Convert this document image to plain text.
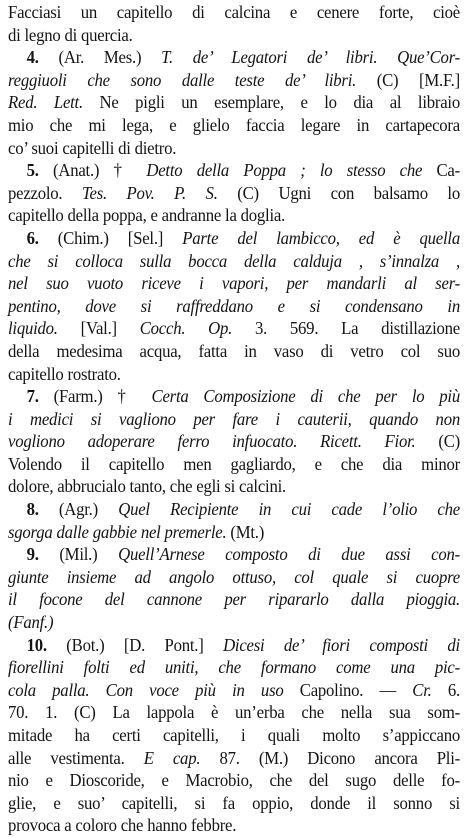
Facciasi un capitello di calcina e cenere forte, cioè
di legno di quercia.
4. (Ar. Mes.) T. de’ Legatori de’ libri. Que’Cor-
reggiuoli che sono dalle teste de’ libri. (C) [M.F.]
Red. Lett. Ne pigli un esemplare, e lo dia al libraio
mio che mi lega, e glielo faccia legare in cartapecora
co’ suoi capitelli di dietro.
5. (Anat.) † Detto della Poppa ; lo stesso che Ca-
pezzolo. Tes. Pov. P. S. (C) Ugni con balsamo lo
capitello della poppa, e andranne la doglia.
6. (Chim.) [Sel.] Parte del lambicco, ed è quella
che si colloca sulla bocca della calduja , s’innalza ,
nel suo vuoto riceve i vapori, per mandarli al ser-
pentino, dove si raffreddano e si condensano in
liquido. [Val.] Cocch. Op. 3. 569. La distillazione
della medesima acqua, fatta in vaso di vetro col suo
capitello rostrato.
7. (Farm.) † Certa Composizione di che per lo più
i medici si vagliono per fare i cauterii, quando non
vogliono adoperare ferro infuocato. Ricett. Fior. (C)
Volendo il capitello men gagliardo, e che dia minor
dolore, abbrucialo tanto, che egli si calcini.
8. (Agr.) Quel Recipiente in cui cade l’olio che
sgorga dalle gabbie nel premerle. (Mt.)
9. (Mil.) Quell’Arnese composto di due assi con-
giunte insieme ad angolo ottuso, col quale si cuopre
il focone del cannone per ripararlo dalla pioggia.
(Fanf.)
10. (Bot.) [D. Pont.] Dicesi de’ fiori composti di
fiorellini folti ed uniti, che formano come una pic-
cola palla. Con voce più in uso Capolino. — Cr. 6.
70. 1. (C) La lappola è un’erba che nella sua som-
mitade ha certi capitelli, i quali molto s’appiccano
alle vestimenta. E cap. 87. (M.) Dicono ancora Pli-
nio e Dioscoride, e Macrobio, che del sugo delle fo-
glie, e suo’ capitelli, si fa oppio, donde il sonno si
provoca a coloro che hanno febbre.
